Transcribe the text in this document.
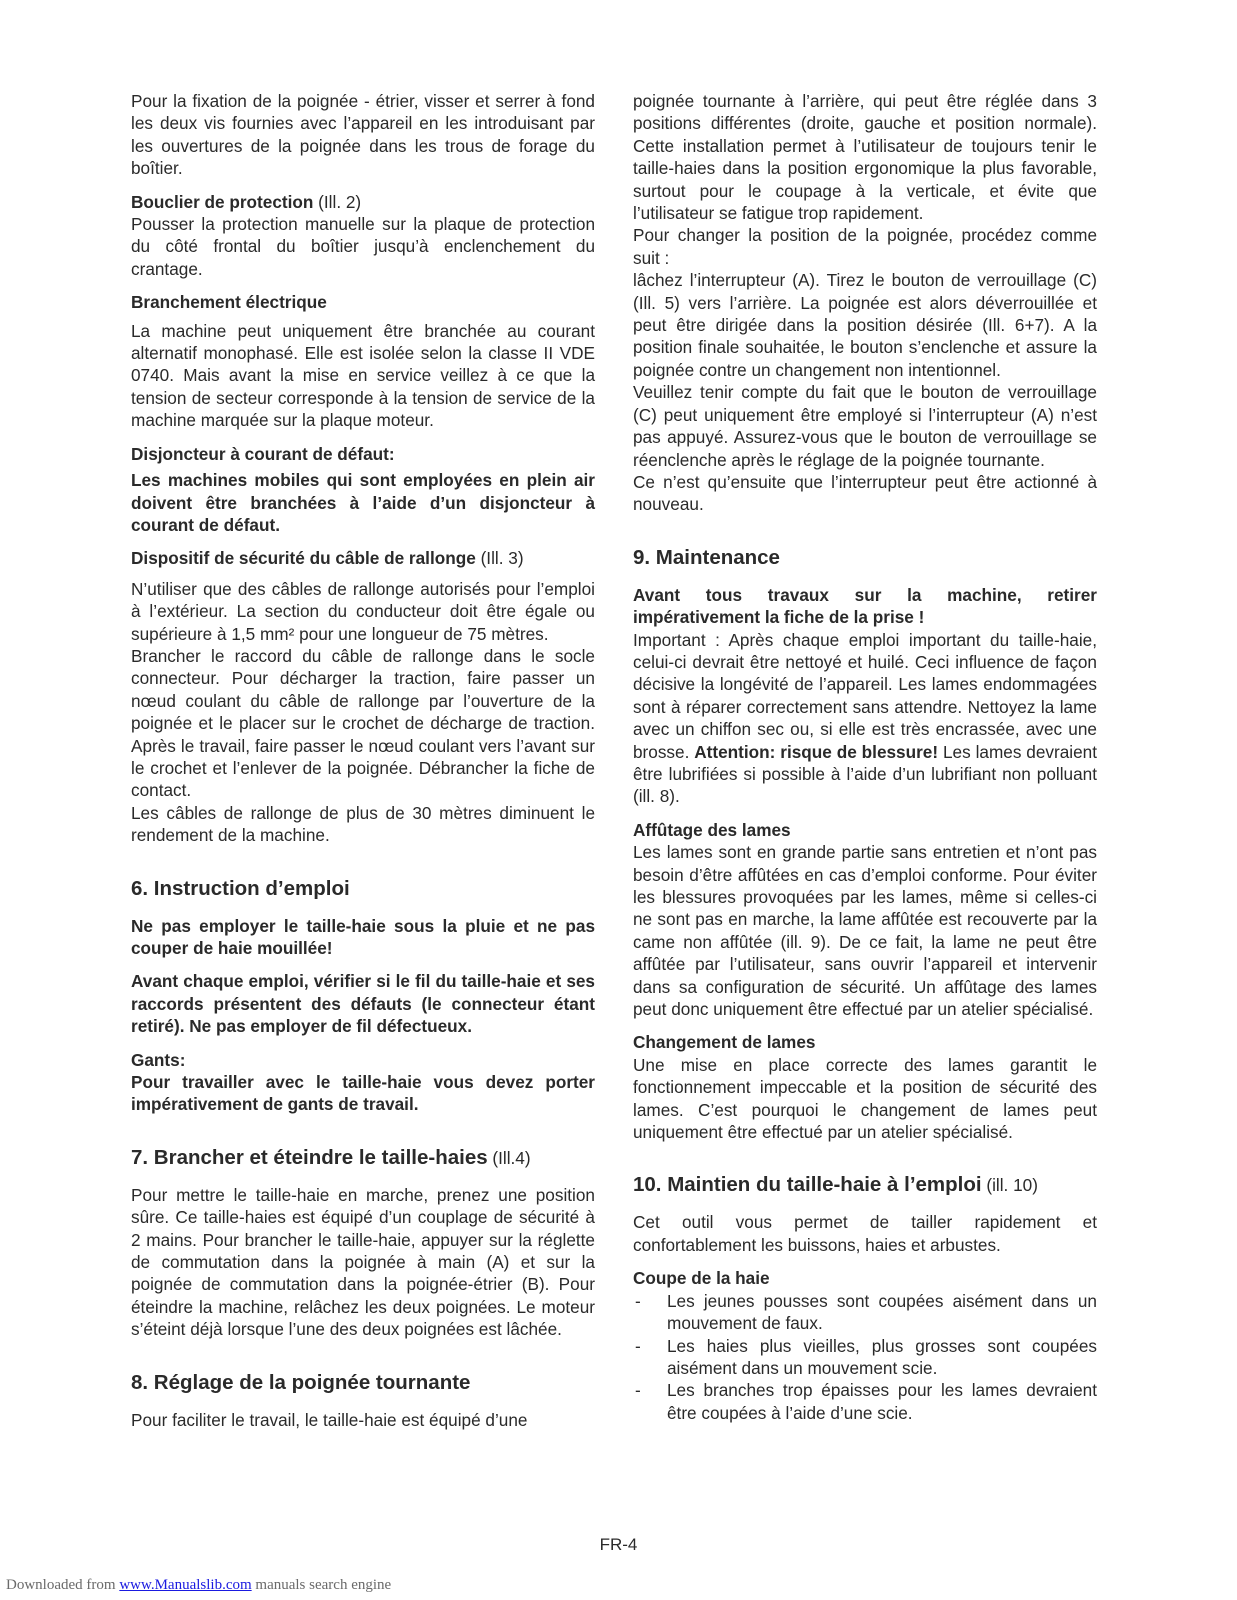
Pour la fixation de la poignée - étrier, visser et serrer à fond les deux vis fournies avec l’appareil en les introduisant par les ouvertures de la poignée dans les trous de forage du boîtier.

Bouclier de protection (Ill. 2)

Pousser la protection manuelle sur la plaque de protection du côté frontal du boîtier jusqu’à enclenchement du crantage.

Branchement électrique

La machine peut uniquement être branchée au courant alternatif monophasé. Elle est isolée selon la classe II VDE 0740. Mais avant la mise en service veillez à ce que la tension de secteur corresponde à la tension de service de la machine marquée sur la plaque moteur.

Disjoncteur à courant de défaut:

Les machines mobiles qui sont employées en plein air doivent être branchées à l’aide d’un disjoncteur à courant de défaut.

Dispositif de sécurité du câble de rallonge (Ill. 3)

N’utiliser que des câbles de rallonge autorisés pour l’emploi à l’extérieur. La section du conducteur doit être égale ou supérieure à 1,5 mm² pour une longueur de 75 mètres.

Brancher le raccord du câble de rallonge dans le socle connecteur. Pour décharger la traction, faire passer un nœud coulant du câble de rallonge par l’ouverture de la poignée et le placer sur le crochet de décharge de traction. Après le travail, faire passer le nœud coulant vers l’avant sur le crochet et l’enlever de la poignée. Débrancher la fiche de contact.

Les câbles de rallonge de plus de 30 mètres diminuent le rendement de la machine.

6. Instruction d’emploi

Ne pas employer le taille-haie sous la pluie et ne pas couper de haie mouillée!

Avant chaque emploi, vérifier si le fil du taille-haie et ses raccords présentent des défauts (le connecteur étant retiré). Ne pas employer de fil défectueux.

Gants:

Pour travailler avec le taille-haie vous devez porter impérativement de gants de travail.

7. Brancher et éteindre le taille-haies (Ill.4)

Pour mettre le taille-haie en marche, prenez une position sûre. Ce taille-haies est équipé d’un couplage de sécurité à 2 mains. Pour brancher le taille-haie, appuyer sur la réglette de commutation dans la poignée à main (A) et sur la poignée de commutation dans la poignée-étrier (B). Pour éteindre la machine, relâchez les deux poignées. Le moteur s’éteint déjà lorsque l’une des deux poignées est lâchée.

8. Réglage de la poignée tournante

Pour faciliter le travail, le taille-haie est équipé d’une

poignée tournante à l’arrière, qui peut être réglée dans 3 positions différentes (droite, gauche et position normale). Cette installation permet à l’utilisateur de toujours tenir le taille-haies dans la position ergonomique la plus favorable, surtout pour le coupage à la verticale, et évite que l’utilisateur se fatigue trop rapidement.

Pour changer la position de la poignée, procédez comme suit :

lâchez l’interrupteur (A). Tirez le bouton de verrouillage (C) (Ill. 5) vers l’arrière. La poignée est alors déverrouillée et peut être dirigée dans la position désirée (Ill. 6+7). A la position finale souhaitée, le bouton s’enclenche et assure la poignée contre un changement non intentionnel.

Veuillez tenir compte du fait que le bouton de verrouillage (C) peut uniquement être employé si l’interrupteur (A) n’est pas appuyé. Assurez-vous que le bouton de verrouillage se réenclenche après le réglage de la poignée tournante.

Ce n’est qu’ensuite que l’interrupteur peut être actionné à nouveau.

9. Maintenance

Avant tous travaux sur la machine, retirer impérativement la fiche de la prise !

Important : Après chaque emploi important du taille-haie, celui-ci devrait être nettoyé et huilé. Ceci influence de façon décisive la longévité de l’appareil. Les lames endommagées sont à réparer correctement sans attendre. Nettoyez la lame avec un chiffon sec ou, si elle est très encrassée, avec une brosse. Attention: risque de blessure! Les lames devraient être lubrifiées si possible à l’aide d’un lubrifiant non polluant (ill. 8).

Affûtage des lames

Les lames sont en grande partie sans entretien et n’ont pas besoin d’être affûtées en cas d’emploi conforme. Pour éviter les blessures provoquées par les lames, même si celles-ci ne sont pas en marche, la lame affûtée est recouverte par la came non affûtée (ill. 9). De ce fait, la lame ne peut être affûtée par l’utilisateur, sans ouvrir l’appareil et intervenir dans sa configuration de sécurité. Un affûtage des lames peut donc uniquement être effectué par un atelier spécialisé.

Changement de lames

Une mise en place correcte des lames garantit le fonctionnement impeccable et la position de sécurité des lames. C’est pourquoi le changement de lames peut uniquement être effectué par un atelier spécialisé.

10. Maintien du taille-haie à l’emploi (ill. 10)

Cet outil vous permet de tailler rapidement et confortablement les buissons, haies et arbustes.

Coupe de la haie

- Les jeunes pousses sont coupées aisément dans un mouvement de faux.
- Les haies plus vieilles, plus grosses sont coupées aisément dans un mouvement scie.
- Les branches trop épaisses pour les lames devraient être coupées à l’aide d’une scie.
FR-4
Downloaded from www.Manualslib.com manuals search engine
